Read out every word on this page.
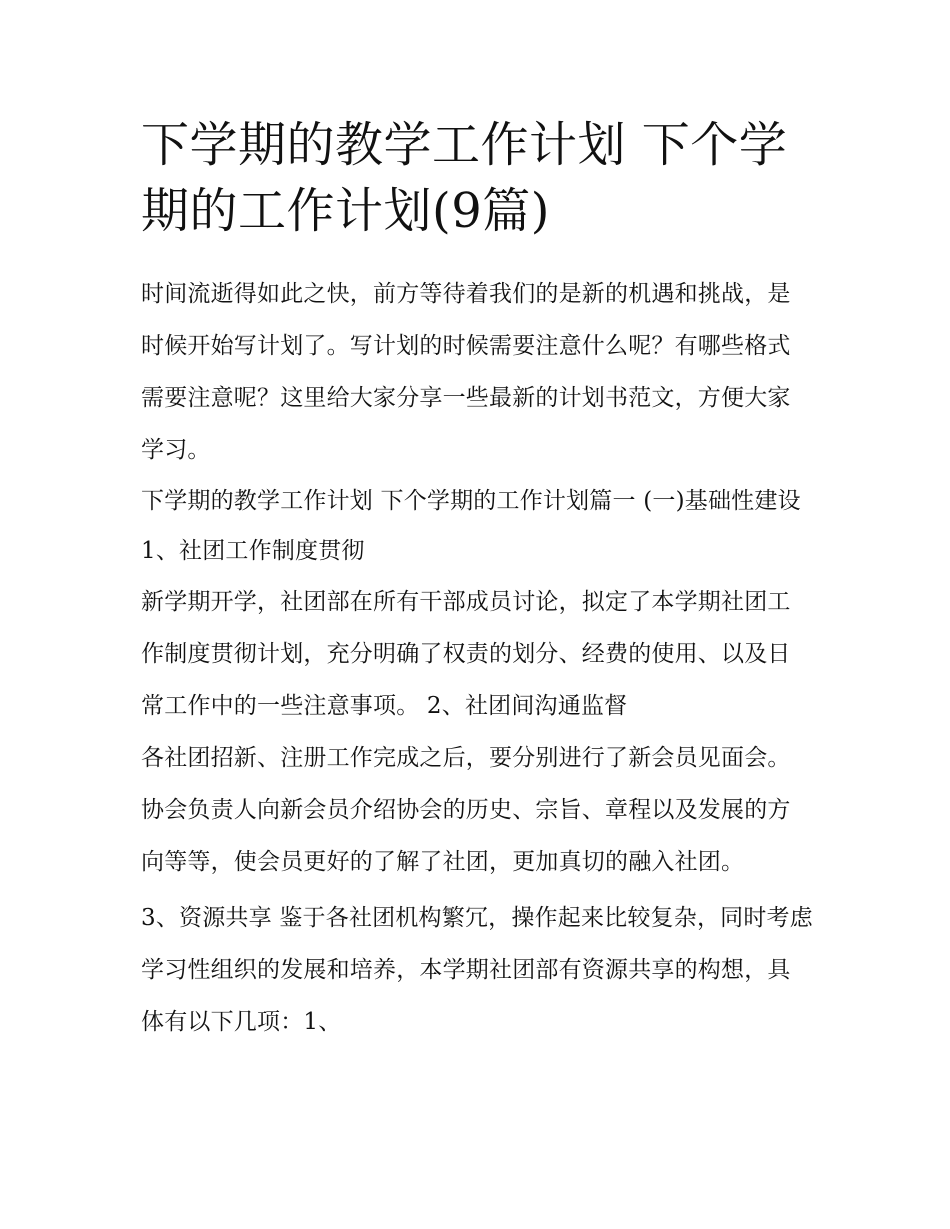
下学期的教学工作计划 下个学期的工作计划(9篇)

时间流逝得如此之快，前方等待着我们的是新的机遇和挑战，是时候开始写计划了。写计划的时候需要注意什么呢？有哪些格式需要注意呢？这里给大家分享一些最新的计划书范文，方便大家学习。

下学期的教学工作计划 下个学期的工作计划篇一 (一)基础性建设 1、社团工作制度贯彻

新学期开学，社团部在所有干部成员讨论，拟定了本学期社团工作制度贯彻计划，充分明确了权责的划分、经费的使用、以及日常工作中的一些注意事项。 2、社团间沟通监督

各社团招新、注册工作完成之后，要分别进行了新会员见面会。协会负责人向新会员介绍协会的历史、宗旨、章程以及发展的方向等等，使会员更好的了解了社团，更加真切的融入社团。

3、资源共享 鉴于各社团机构繁冗，操作起来比较复杂，同时考虑学习性组织的发展和培养，本学期社团部有资源共享的构想，具体有以下几项：1、
